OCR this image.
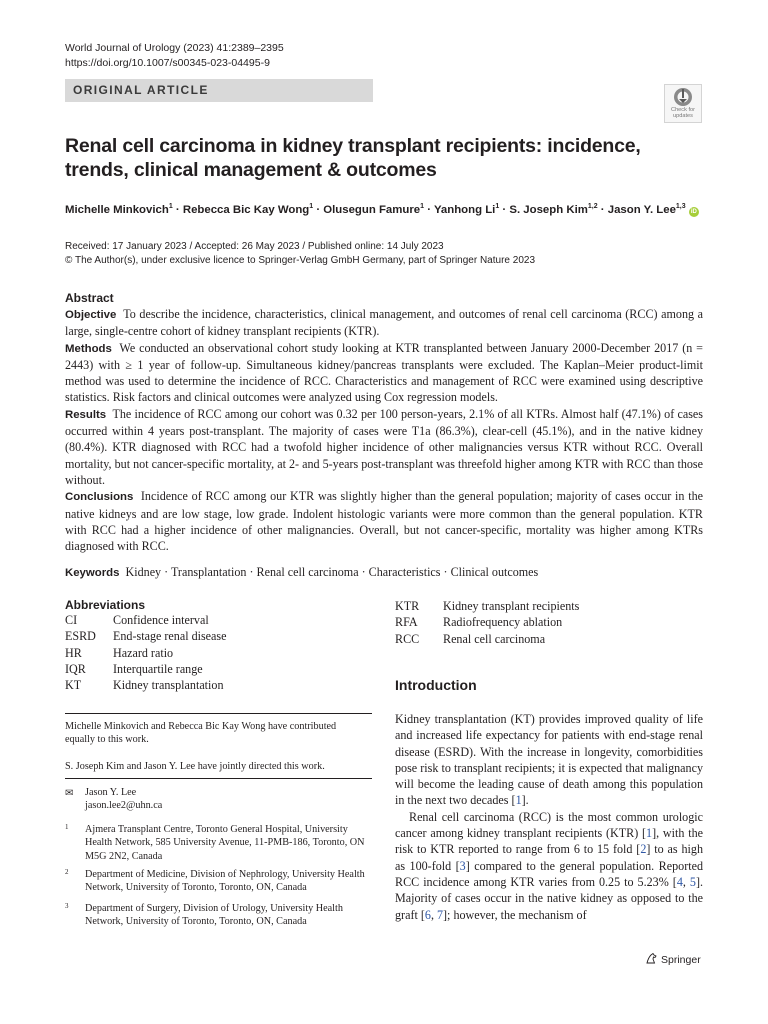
World Journal of Urology (2023) 41:2389–2395
https://doi.org/10.1007/s00345-023-04495-9
ORIGINAL ARTICLE
Check for
updates
Renal cell carcinoma in kidney transplant recipients: incidence, trends, clinical management & outcomes
Michelle Minkovich$^1$ · Rebecca Bic Kay Wong$^1$ · Olusegun Famure$^1$ · Yanhong $Li^1 \cdot S$. Joseph Kim$^{1,2}$ · Jason Y. Lee$^{1,3}$ iD
Received: 17 January 2023 / Accepted: 26 May 2023 / Published online: 14 July 2023
© The Author(s), under exclusive licence to Springer-Verlag GmbH Germany, part of Springer Nature 2023
Abstract

Objective To describe the incidence, characteristics, clinical management, and outcomes of renal cell carcinoma (RCC) among a large, single-centre cohort of kidney transplant recipients (KTR).

Methods We conducted an observational cohort study looking at KTR transplanted between January 2000-December 2017 (n = 2443) with ≥ 1 year of follow-up. Simultaneous kidney/pancreas transplants were excluded. The Kaplan–Meier product-limit method was used to determine the incidence of RCC. Characteristics and management of RCC were examined using descriptive statistics. Risk factors and clinical outcomes were analyzed using Cox regression models.

Results The incidence of RCC among our cohort was 0.32 per 100 person-years, 2.1% of all KTRs. Almost half (47.1%) of cases occurred within 4 years post-transplant. The majority of cases were T1a (86.3%), clear-cell (45.1%), and in the native kidney (80.4%). KTR diagnosed with RCC had a twofold higher incidence of other malignancies versus KTR without RCC. Overall mortality, but not cancer-specific mortality, at 2- and 5-years post-transplant was threefold higher among KTR with RCC than those without.

Conclusions Incidence of RCC among our KTR was slightly higher than the general population; majority of cases occur in the native kidneys and are low stage, low grade. Indolent histologic variants were more common than the general population. KTR with RCC had a higher incidence of other malignancies. Overall, but not cancer-specific, mortality was higher among KTRs diagnosed with RCC.

Keywords Kidney · Transplantation · Renal cell carcinoma · Characteristics · Clinical outcomes
Abbreviations
CI	Confidence interval
ESRD	End-stage renal disease
HR	Hazard ratio
IQR	Interquartile range
KT	Kidney transplantation
KTR	Kidney transplant recipients
RFA	Radiofrequency ablation
RCC	Renal cell carcinoma
Michelle Minkovich and Rebecca Bic Kay Wong have contributed equally to this work.
S. Joseph Kim and Jason Y. Lee have jointly directed this work.
✉ Jason Y. Lee
jason.lee2@uhn.ca
1 Ajmera Transplant Centre, Toronto General Hospital, University Health Network, 585 University Avenue, 11-PMB-186, Toronto, ON M5G 2N2, Canada
2 Department of Medicine, Division of Nephrology, University Health Network, University of Toronto, Toronto, ON, Canada
3 Department of Surgery, Division of Urology, University Health Network, University of Toronto, Toronto, ON, Canada
Introduction

Kidney transplantation (KT) provides improved quality of life and increased life expectancy for patients with end-stage renal disease (ESRD). With the increase in longevity, comorbidities pose risk to transplant recipients; it is expected that malignancy will become the leading cause of death among this population in the next two decades [1].

Renal cell carcinoma (RCC) is the most common urologic cancer among kidney transplant recipients (KTR) [1], with the risk to KTR reported to range from 6 to 15 fold [2] to as high as 100-fold [3] compared to the general population. Reported RCC incidence among KTR varies from 0.25 to 5.23% [4, 5]. Majority of cases occur in the native kidney as opposed to the graft [6, 7]; however, the mechanism of

Springer
